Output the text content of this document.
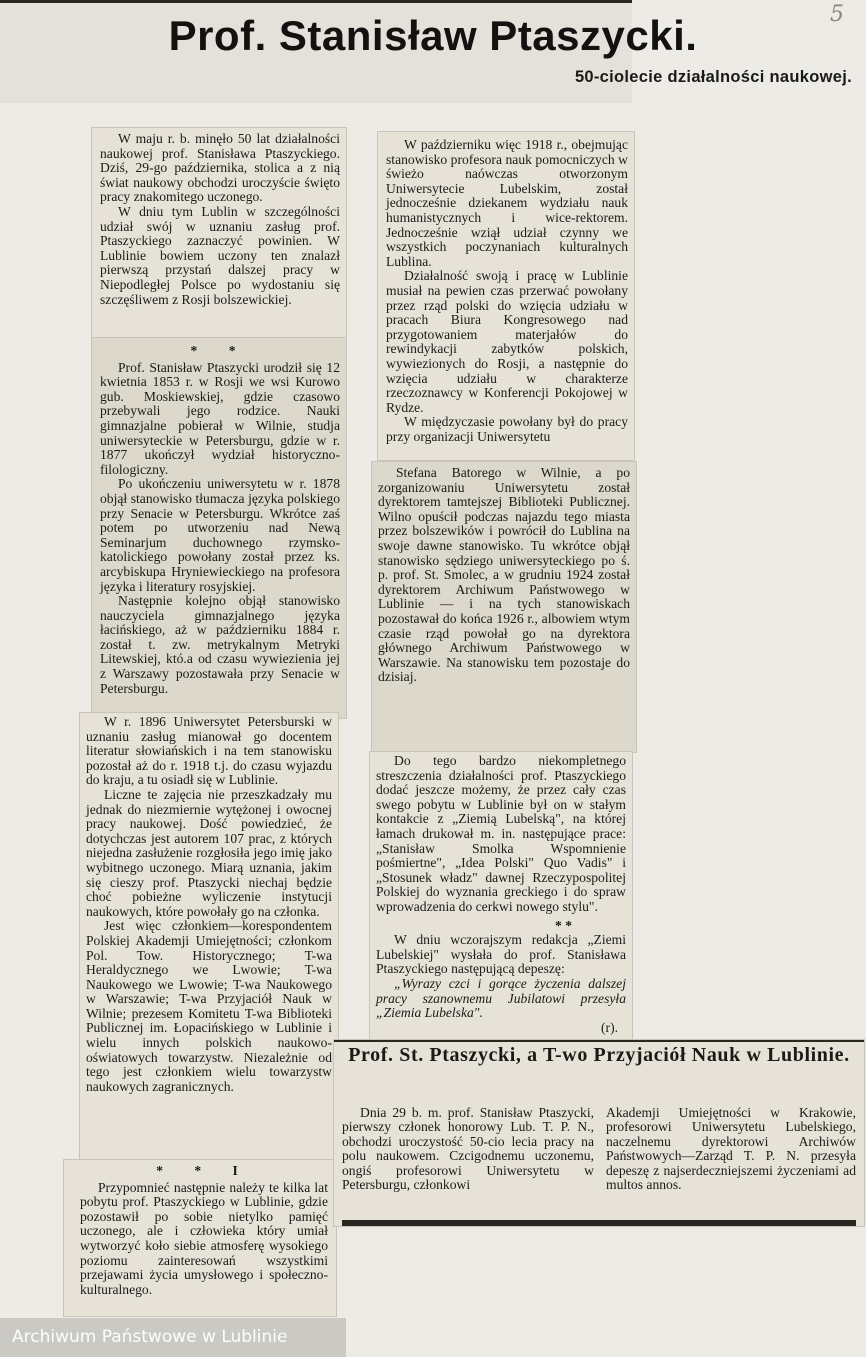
5
Prof. Stanisław Ptaszycki.
50-ciolecie działalności naukowej.

W maju r. b. minęło 50 lat działalności naukowej prof. Stanisława Ptaszyckiego. Dziś, 29-go października, stolica a z nią świat naukowy obchodzi uroczyście święto pracy znakomitego uczonego.

W dniu tym Lublin w szczególności udział swój w uznaniu zasług prof. Ptaszyckiego zaznaczyć powinien. W Lublinie bowiem uczony ten znalazł pierwszą przystań dalszej pracy w Niepodległej Polsce po wydostaniu się szczęśliwem z Rosji bolszewickiej.

* *

Prof. Stanisław Ptaszycki urodził się 12 kwietnia 1853 r. w Rosji we wsi Kurowo gub. Moskiewskiej, gdzie czasowo przebywali jego rodzice. Nauki gimnazjalne pobierał w Wilnie, studja uniwersyteckie w Petersburgu, gdzie w r. 1877 ukończył wydział historyczno-filologiczny.

Po ukończeniu uniwersytetu w r. 1878 objął stanowisko tłumacza języka polskiego przy Senacie w Petersburgu. Wkrótce zaś potem po utworzeniu nad Newą Seminarjum duchownego rzymsko-katolickiego powołany został przez ks. arcybiskupa Hryniewieckiego na profesora języka i literatury rosyjskiej.

Następnie kolejno objął stanowisko nauczyciela gimnazjalnego języka łacińskiego, aż w październiku 1884 r. został t. zw. metrykalnym Metryki Litewskiej, któ.a od czasu wywiezienia jej z Warszawy pozostawała przy Senacie w Petersburgu.

W r. 1896 Uniwersytet Petersburski w uznaniu zasług mianował go docentem literatur słowiańskich i na tem stanowisku pozostał aż do r. 1918 t.j. do czasu wyjazdu do kraju, a tu osiadł się w Lublinie.

Liczne te zajęcia nie przeszkadzały mu jednak do niezmiernie wytężonej i owocnej pracy naukowej. Dość powiedzieć, że dotychczas jest autorem 107 prac, z których niejedna zasłużenie rozgłosiła jego imię jako wybitnego uczonego. Miarą uznania, jakim się cieszy prof. Ptaszycki niechaj będzie choć pobieżne wyliczenie instytucji naukowych, które powołały go na członka.

Jest więc członkiem—korespondentem Polskiej Akademji Umiejętności; członkom Pol. Tow. Historycznego; T-wa Heraldycznego we Lwowie; T-wa Naukowego we Lwowie; T-wa Naukowego w Warszawie; T-wa Przyjaciół Nauk w Wilnie; prezesem Komitetu T-wa Biblioteki Publicznej im. Łopacińskiego w Lublinie i wielu innych polskich naukowo-oświatowych towarzystw. Niezależnie od tego jest członkiem wielu towarzystw naukowych zagranicznych.

* * I

Przypomnieć następnie należy te kilka lat pobytu prof. Ptaszyckiego w Lublinie, gdzie pozostawił po sobie nietylko pamięć uczonego, ale i człowieka który umiał wytworzyć koło siebie atmosferę wysokiego poziomu zainteresowań wszystkimi przejawami życia umysłowego i społeczno-kulturalnego.

W październiku więc 1918 r., obejmując stanowisko profesora nauk pomocniczych w świeżo naówczas otworzonym Uniwersytecie Lubelskim, został jednocześnie dziekanem wydziału nauk humanistycznych i wice-rektorem. Jednocześnie wziął udział czynny we wszystkich poczynaniach kulturalnych Lublina.

Działalność swoją i pracę w Lublinie musiał na pewien czas przerwać powołany przez rząd polski do wzięcia udziału w pracach Biura Kongresowego nad przygotowaniem materjałów do rewindykacji zabytków polskich, wywiezionych do Rosji, a następnie do wzięcia udziału w charakterze rzeczoznawcy w Konferencji Pokojowej w Rydze.

W międzyczasie powołany był do pracy przy organizacji Uniwersytetu

Stefana Batorego w Wilnie, a po zorganizowaniu Uniwersytetu został dyrektorem tamtejszej Biblioteki Publicznej. Wilno opuścił podczas najazdu tego miasta przez bolszewików i powrócił do Lublina na swoje dawne stanowisko. Tu wkrótce objął stanowisko sędziego uniwersyteckiego po ś. p. prof. St. Smolec, a w grudniu 1924 został dyrektorem Archiwum Państwowego w Lublinie — i na tych stanowiskach pozostawał do końca 1926 r., albowiem wtym czasie rząd powołał go na dyrektora głównego Archiwum Państwowego w Warszawie. Na stanowisku tem pozostaje do dzisiaj.

Do tego bardzo niekompletnego streszczenia działalności prof. Ptaszyckiego dodać jeszcze możemy, że przez cały czas swego pobytu w Lublinie był on w stałym kontakcie z „Ziemią Lubelską", na której łamach drukował m. in. następujące prace: „Stanisław Smolka Wspomnienie pośmiertne", „Idea Polski" Quo Vadis" i „Stosunek władz" dawnej Rzeczypospolitej Polskiej do wyznania greckiego i do spraw wprowadzenia do cerkwi nowego stylu".

* *

W dniu wczorajszym redakcja „Ziemi Lubelskiej" wysłała do prof. Stanisława Ptaszyckiego następującą depeszę:

„Wyrazy czci i gorące życzenia dalszej pracy szanownemu Jubilatowi przesyła „Ziemia Lubelska".

(r).
Prof. St. Ptaszycki, a T-wo Przyjaciół Nauk w Lublinie.

Dnia 29 b. m. prof. Stanisław Ptaszycki, pierwszy członek honorowy Lub. T. P. N., obchodzi uroczystość 50-cio lecia pracy na polu naukowem. Czcigodnemu uczonemu, ongiś profesorowi Uniwersytetu w Petersburgu, członkowi

Akademji Umiejętności w Krakowie, profesorowi Uniwersytetu Lubelskiego, naczelnemu dyrektorowi Archiwów Państwowych—Zarząd T. P. N. przesyła depeszę z najserdeczniejszemi życzeniami ad multos annos.

Archiwum Państwowe w Lublinie
